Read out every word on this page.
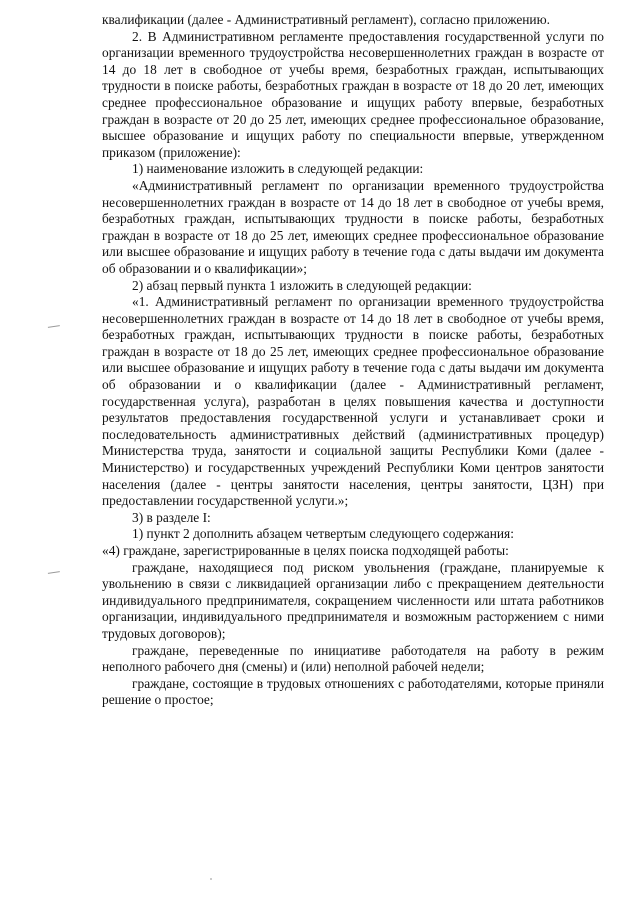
квалификации (далее - Административный регламент), согласно приложению.

2. В Административном регламенте предоставления государственной услуги по организации временного трудоустройства несовершеннолетних граждан в возрасте от 14 до 18 лет в свободное от учебы время, безработных граждан, испытывающих трудности в поиске работы, безработных граждан в возрасте от 18 до 20 лет, имеющих среднее профессиональное образование и ищущих работу впервые, безработных граждан в возрасте от 20 до 25 лет, имеющих среднее профессиональное образование, высшее образование и ищущих работу по специальности впервые, утвержденном приказом (приложение):

1) наименование изложить в следующей редакции:

«Административный регламент по организации временного трудоустройства несовершеннолетних граждан в возрасте от 14 до 18 лет в свободное от учебы время, безработных граждан, испытывающих трудности в поиске работы, безработных граждан в возрасте от 18 до 25 лет, имеющих среднее профессиональное образование или высшее образование и ищущих работу в течение года с даты выдачи им документа об образовании и о квалификации»;

2) абзац первый пункта 1 изложить в следующей редакции:

«1. Административный регламент по организации временного трудоустройства несовершеннолетних граждан в возрасте от 14 до 18 лет в свободное от учебы время, безработных граждан, испытывающих трудности в поиске работы, безработных граждан в возрасте от 18 до 25 лет, имеющих среднее профессиональное образование или высшее образование и ищущих работу в течение года с даты выдачи им документа об образовании и о квалификации (далее - Административный регламент, государственная услуга), разработан в целях повышения качества и доступности результатов предоставления государственной услуги и устанавливает сроки и последовательность административных действий (административных процедур) Министерства труда, занятости и социальной защиты Республики Коми (далее - Министерство) и государственных учреждений Республики Коми центров занятости населения (далее - центры занятости населения, центры занятости, ЦЗН) при предоставлении государственной услуги.»;

3) в разделе I:

1) пункт 2 дополнить абзацем четвертым следующего содержания:

«4) граждане, зарегистрированные в целях поиска подходящей работы:

граждане, находящиеся под риском увольнения (граждане, планируемые к увольнению в связи с ликвидацией организации либо с прекращением деятельности индивидуального предпринимателя, сокращением численности или штата работников организации, индивидуального предпринимателя и возможным расторжением с ними трудовых договоров);

граждане, переведенные по инициативе работодателя на работу в режим неполного рабочего дня (смены) и (или) неполной рабочей недели;

граждане, состоящие в трудовых отношениях с работодателями, которые приняли решение о простое;
